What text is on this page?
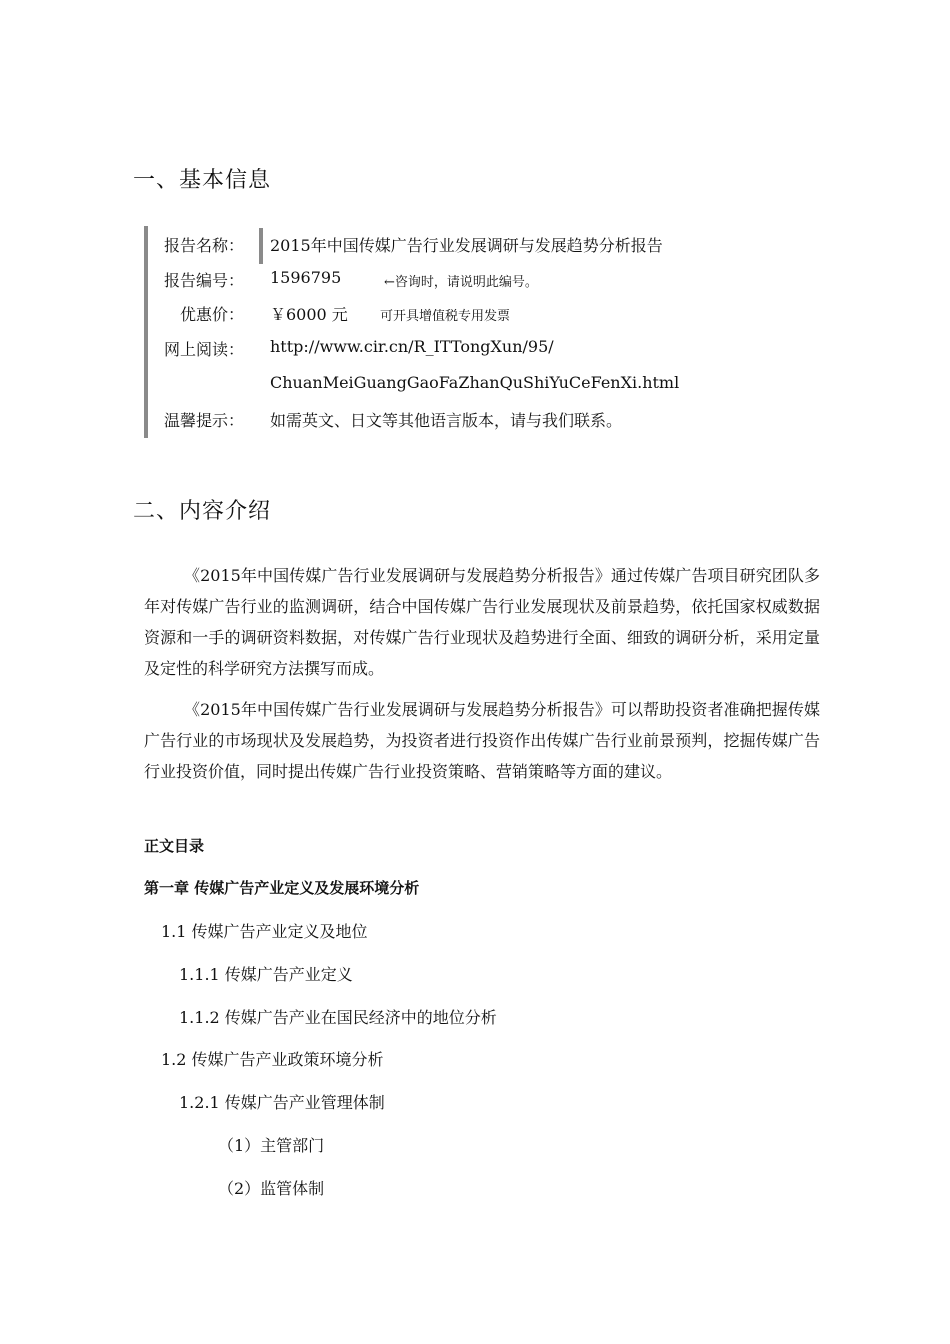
一、基本信息
报告名称： 2015年中国传媒广告行业发展调研与发展趋势分析报告
报告编号： 1596795	←咨询时，请说明此编号。
优惠价： ￥6000 元 可开具增值税专用发票
网上阅读： http://www.cir.cn/R_ITTongXun/95/
ChuanMeiGuangGaoFaZhanQuShiYuCeFenXi.html
温馨提示： 如需英文、日文等其他语言版本，请与我们联系。
二、内容介绍

《2015年中国传媒广告行业发展调研与发展趋势分析报告》通过传媒广告项目研究团队多年对传媒广告行业的监测调研，结合中国传媒广告行业发展现状及前景趋势，依托国家权威数据资源和一手的调研资料数据，对传媒广告行业现状及趋势进行全面、细致的调研分析，采用定量及定性的科学研究方法撰写而成。

《2015年中国传媒广告行业发展调研与发展趋势分析报告》可以帮助投资者准确把握传媒广告行业的市场现状及发展趋势，为投资者进行投资作出传媒广告行业前景预判，挖掘传媒广告行业投资价值，同时提出传媒广告行业投资策略、营销策略等方面的建议。

正文目录
第一章 传媒广告产业定义及发展环境分析
1.1 传媒广告产业定义及地位
1.1.1 传媒广告产业定义
1.1.2 传媒广告产业在国民经济中的地位分析
1.2 传媒广告产业政策环境分析
1.2.1 传媒广告产业管理体制
（1）主管部门
（2）监管体制
